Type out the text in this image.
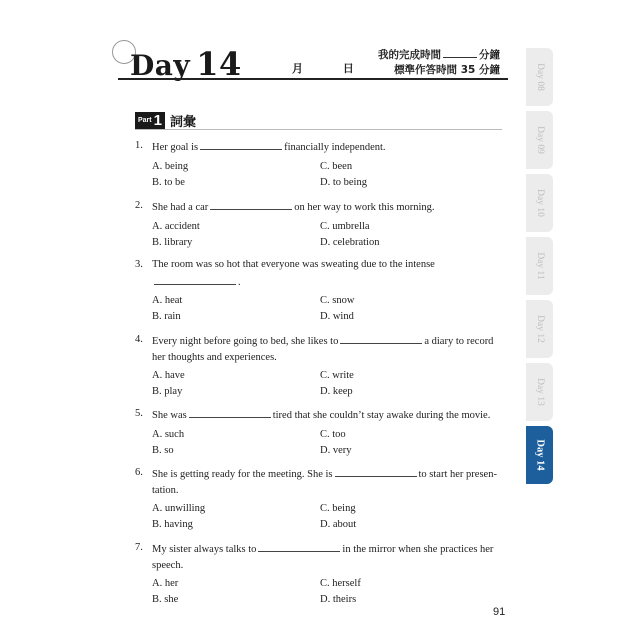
Day 14	月	日
我的完成時間	分鐘
標準作答時間 35 分鐘
Part 1 詞彙
1. Her goal is	financially independent.
A. being	C. been
B. to be	D. to being
2. She had a car	on her way to work this morning.
A. accident	C. umbrella
B. library	D. celebration
3. The room was so hot that everyone was sweating due to the intense.
A. heat	C. snow
B. rain	D. wind
4. Every night before going to bed, she likes to	a diary to record her thoughts and experiences.
A. have	C. write
B. play	D. keep
5. She was	tired that she couldn’t stay awake during the movie.
A. such	C. too
B. so	D. very
6. She is getting ready for the meeting. She is	to start her presen-tation.
A. unwilling	C. being
B. having	D. about
7. My sister always talks to	in the mirror when she practices her speech.
A. her	C. herself
B. she	D. theirs
Day 08
Day 09
Day 10
Day 11
Day 12
Day 13
Day 14
91
